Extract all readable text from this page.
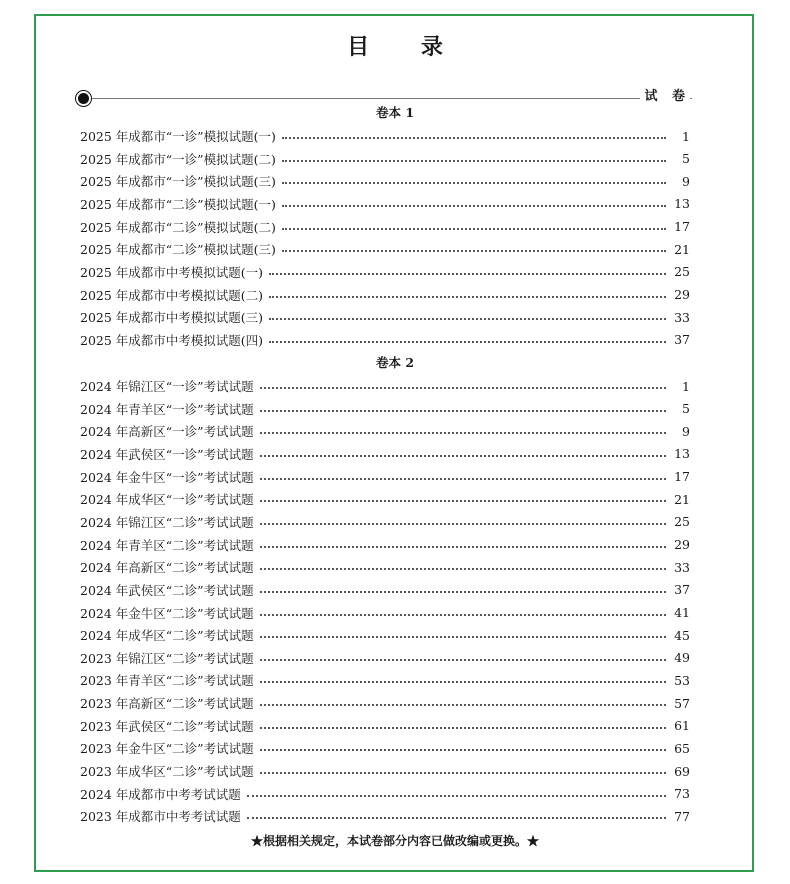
目 录
试 卷
卷本 1
2025 年成都市“一诊”模拟试题(一)	1
2025 年成都市“一诊”模拟试题(二)	5
2025 年成都市“一诊”模拟试题(三)	9
2025 年成都市“二诊”模拟试题(一)	13
2025 年成都市“二诊”模拟试题(二)	17
2025 年成都市“二诊”模拟试题(三)	21
2025 年成都市中考模拟试题(一)	25
2025 年成都市中考模拟试题(二)	29
2025 年成都市中考模拟试题(三)	33
2025 年成都市中考模拟试题(四)	37
卷本 2
2024 年锦江区“一诊”考试试题	1
2024 年青羊区“一诊”考试试题	5
2024 年高新区“一诊”考试试题	9
2024 年武侯区“一诊”考试试题	13
2024 年金牛区“一诊”考试试题	17
2024 年成华区“一诊”考试试题	21
2024 年锦江区“二诊”考试试题	25
2024 年青羊区“二诊”考试试题	29
2024 年高新区“二诊”考试试题	33
2024 年武侯区“二诊”考试试题	37
2024 年金牛区“二诊”考试试题	41
2024 年成华区“二诊”考试试题	45
2023 年锦江区“二诊”考试试题	49
2023 年青羊区“二诊”考试试题	53
2023 年高新区“二诊”考试试题	57
2023 年武侯区“二诊”考试试题	61
2023 年金牛区“二诊”考试试题	65
2023 年成华区“二诊”考试试题	69
2024 年成都市中考考试试题	73
2023 年成都市中考考试试题	77
★根据相关规定，本试卷部分内容已做改编或更换。★
